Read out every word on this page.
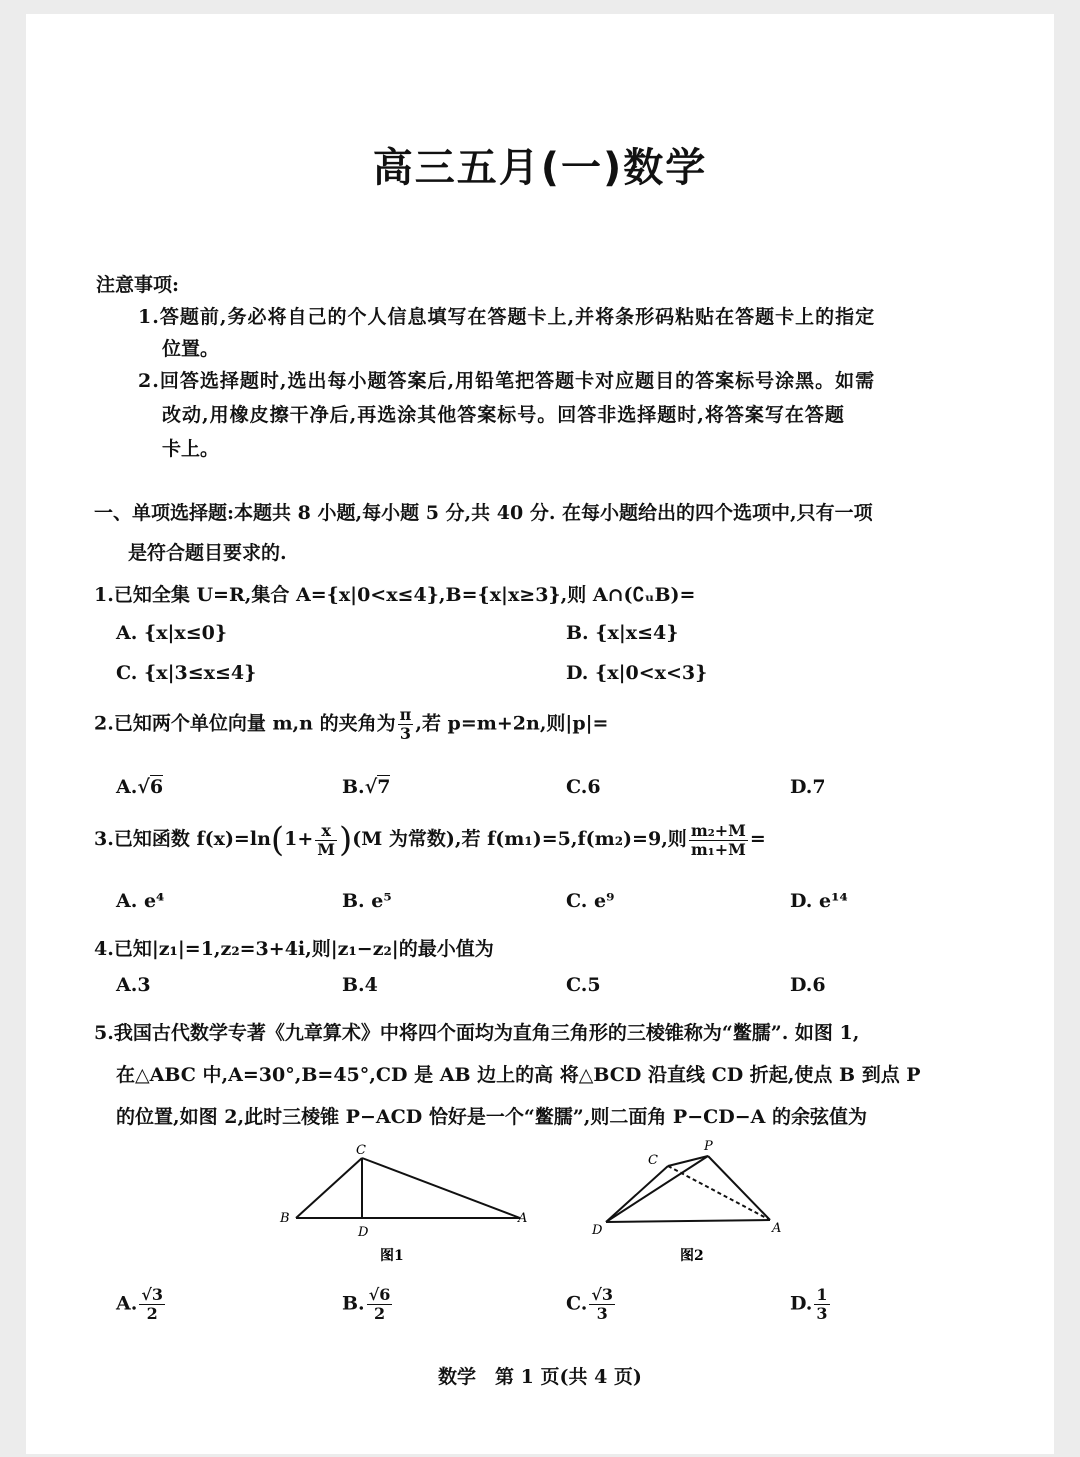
高三五月(一)数学
注意事项:
1.答题前,务必将自己的个人信息填写在答题卡上,并将条形码粘贴在答题卡上的指定
位置。
2.回答选择题时,选出每小题答案后,用铅笔把答题卡对应题目的答案标号涂黑。如需
改动,用橡皮擦干净后,再选涂其他答案标号。回答非选择题时,将答案写在答题
卡上。
一、单项选择题:本题共 8 小题,每小题 5 分,共 40 分. 在每小题给出的四个选项中,只有一项
是符合题目要求的.
1.已知全集 U=R,集合 A={x|0<x≤4},B={x|x≥3},则 A∩(∁ᵤB)=
A. {x|x≤0}	B. {x|x≤4}
C. {x|3≤x≤4}	D. {x|0<x<3}
2.已知两个单位向量 m,n 的夹角为 $\frac{\pi}{3}$ ,若 p=m+2n,则|p|=
A.√6	B.√7	C.6	D.7
3.已知函数 $f(x)=\ln(1+ \frac{x}{M} )(M$ 为常数),若 f(m₁)=5,f(m₂)=9,则 $\frac{\text{m₂+M}}{\text{m₁+M}}$ =
A. e⁴	B. e⁵	C. e⁹	D. e¹⁴
4.已知|z₁|=1,z₂=3+4i,则|z₁−z₂|的最小值为
A.3	B.4	C.5	D.6
5.我国古代数学专著《九章算术》中将四个面均为直角三角形的三棱锥称为“鳖臑”. 如图 1,
在△ABC 中,A=30°,B=45°,CD 是 AB 边上的高 将△BCD 沿直线 CD 折起,使点 B 到点 P
的位置,如图 2,此时三棱锥 P−ACD 恰好是一个“鳖臑”,则二面角 P−CD−A 的余弦值为
C
B
D
A
图1
C
P
D	A
图2
A. $\frac{√3}{2}$	B. $\frac{√6}{2}$	C. $\frac{√3}{3}$	D. $\frac{1}{3}$
数学　第 1 页(共 4 页)
